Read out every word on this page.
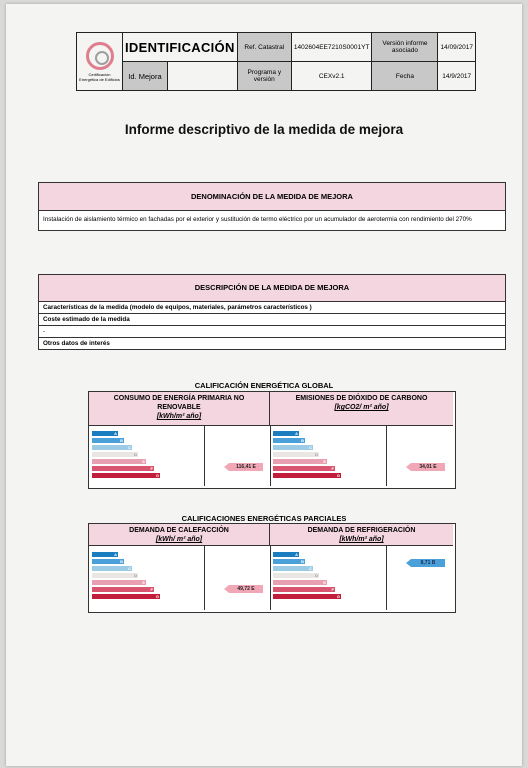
Certificación Energética de Edificios	IDENTIFICACIÓN		Ref. Catastral	1402604EE7210S0001YT	Versión informe asociado	14/09/2017
	Id. Mejora		Programa y versión	CEXv2.1	Fecha	14/9/2017
Informe descriptivo de la medida de mejora
DENOMINACIÓN DE LA MEDIDA DE MEJORA
Instalación de aislamiento térmico en fachadas por el exterior y sustitución de termo eléctrico por un acumulador de aerotermia con rendimiento del 270%
DESCRIPCIÓN DE LA MEDIDA DE MEJORA
Características de la medida (modelo de equipos, materiales, parámetros característicos )
Coste estimado de la medida
-
Otros datos de interés
CALIFICACIÓN ENERGÉTICA GLOBAL
CONSUMO DE ENERGÍA PRIMARIA NO RENOVABLE
[kWh/m² año]
EMISIONES DE DIÓXIDO DE CARBONO
[kgCO2/ m² año]
A
B
C
D
E
F
G
116,41 E
A
B
C
D
E
F
G
34,01 E
CALIFICACIONES ENERGÉTICAS PARCIALES
DEMANDA DE CALEFACCIÓN
[kWh/ m² año]
DEMANDA DE REFRIGERACIÓN
[kWh/m² año]
A
B
C
D
E
F
G
49,72 E
A
B
C
D
E
F
G
8,71 B
